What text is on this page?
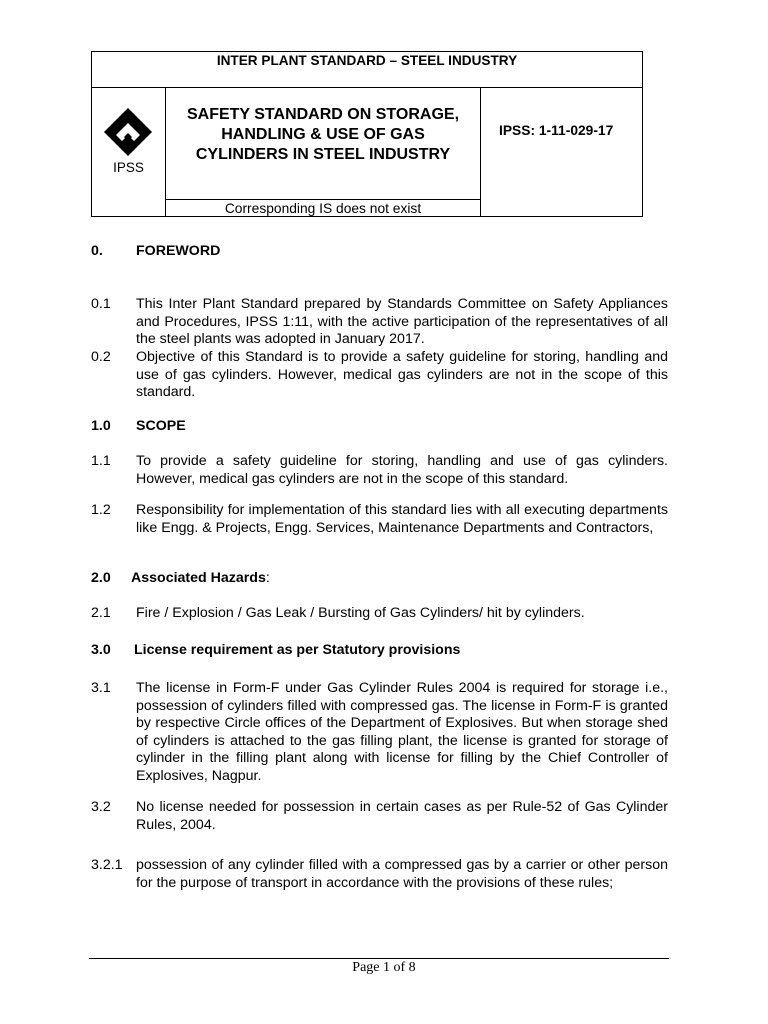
INTER PLANT STANDARD – STEEL INDUSTRY
IPSS
SAFETY STANDARD ON STORAGE,
HANDLING & USE OF GAS
CYLINDERS IN STEEL INDUSTRY
Corresponding IS does not exist
IPSS: 1-11-029-17
0. FOREWORD
0.1 This Inter Plant Standard prepared by Standards Committee on Safety Appliances and Procedures, IPSS 1:11, with the active participation of the representatives of all the steel plants was adopted in January 2017.
0.2 Objective of this Standard is to provide a safety guideline for storing, handling and use of gas cylinders. However, medical gas cylinders are not in the scope of this standard.
1.0 SCOPE
1.1 To provide a safety guideline for storing, handling and use of gas cylinders. However, medical gas cylinders are not in the scope of this standard.
1.2 Responsibility for implementation of this standard lies with all executing departments like Engg. & Projects, Engg. Services, Maintenance Departments and Contractors,
2.0 Associated Hazards:
2.1 Fire / Explosion / Gas Leak / Bursting of Gas Cylinders/ hit by cylinders.
3.0 License requirement as per Statutory provisions
3.1 The license in Form-F under Gas Cylinder Rules 2004 is required for storage i.e., possession of cylinders filled with compressed gas. The license in Form-F is granted by respective Circle offices of the Department of Explosives. But when storage shed of cylinders is attached to the gas filling plant, the license is granted for storage of cylinder in the filling plant along with license for filling by the Chief Controller of Explosives, Nagpur.
3.2 No license needed for possession in certain cases as per Rule-52 of Gas Cylinder Rules, 2004.
3.2.1 possession of any cylinder filled with a compressed gas by a carrier or other person for the purpose of transport in accordance with the provisions of these rules;
Page 1 of 8
